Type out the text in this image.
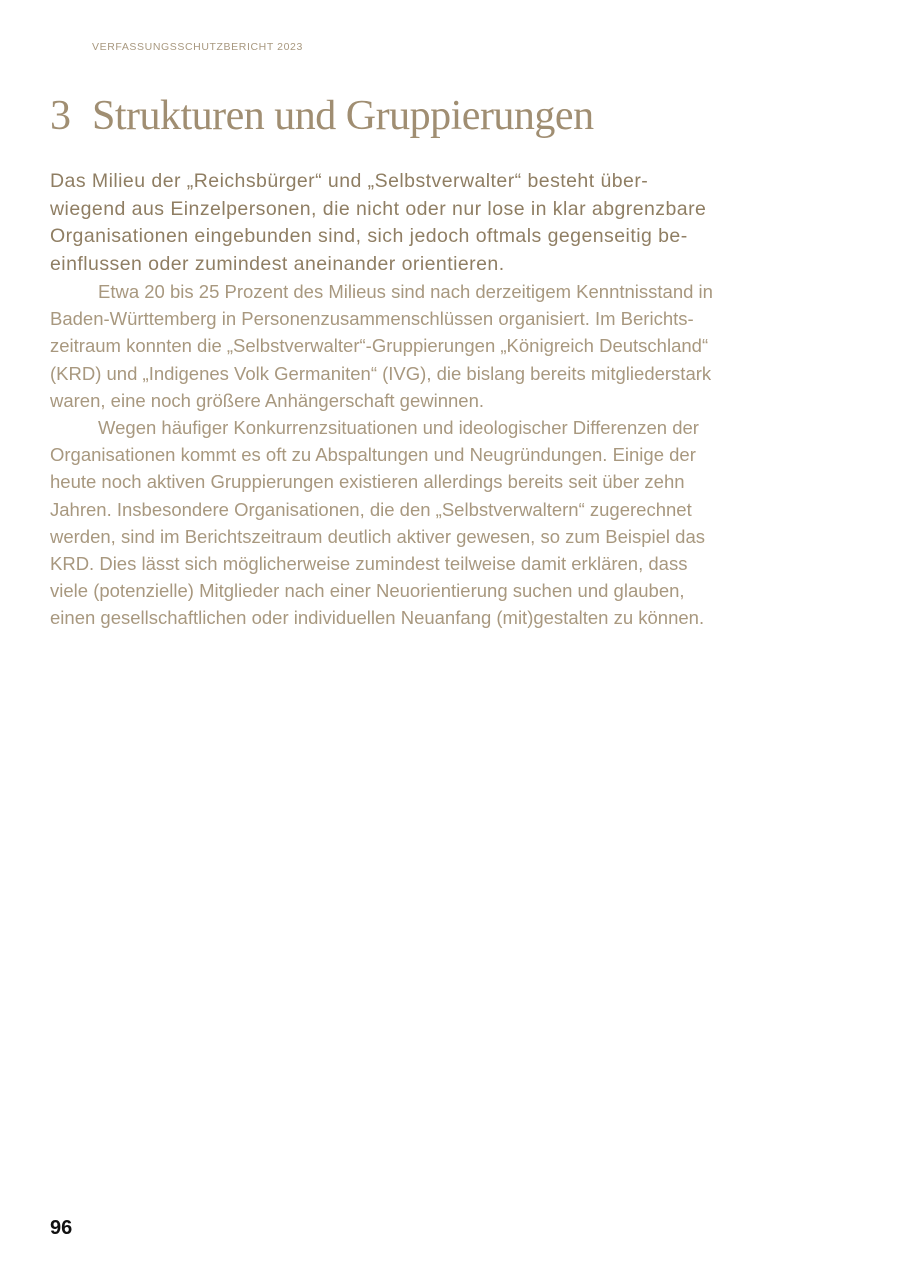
VERFASSUNGSSCHUTZBERICHT 2023
3 Strukturen und Gruppierungen

Das Milieu der „Reichsbürger“ und „Selbstverwalter“ besteht über-
wiegend aus Einzelpersonen, die nicht oder nur lose in klar abgrenzbare
Organisationen eingebunden sind, sich jedoch oftmals gegenseitig be-
einflussen oder zumindest aneinander orientieren.

Etwa 20 bis 25 Prozent des Milieus sind nach derzeitigem Kenntnisstand in
Baden-Württemberg in Personenzusammenschlüssen organisiert. Im Berichts-
zeitraum konnten die „Selbstverwalter“-Gruppierungen „Königreich Deutschland“
(KRD) und „Indigenes Volk Germaniten“ (IVG), die bislang bereits mitgliederstark
waren, eine noch größere Anhängerschaft gewinnen.

Wegen häufiger Konkurrenzsituationen und ideologischer Differenzen der
Organisationen kommt es oft zu Abspaltungen und Neugründungen. Einige der
heute noch aktiven Gruppierungen existieren allerdings bereits seit über zehn
Jahren. Insbesondere Organisationen, die den „Selbstverwaltern“ zugerechnet
werden, sind im Berichtszeitraum deutlich aktiver gewesen, so zum Beispiel das
KRD. Dies lässt sich möglicherweise zumindest teilweise damit erklären, dass
viele (potenzielle) Mitglieder nach einer Neuorientierung suchen und glauben,
einen gesellschaftlichen oder individuellen Neuanfang (mit)gestalten zu können.

96
